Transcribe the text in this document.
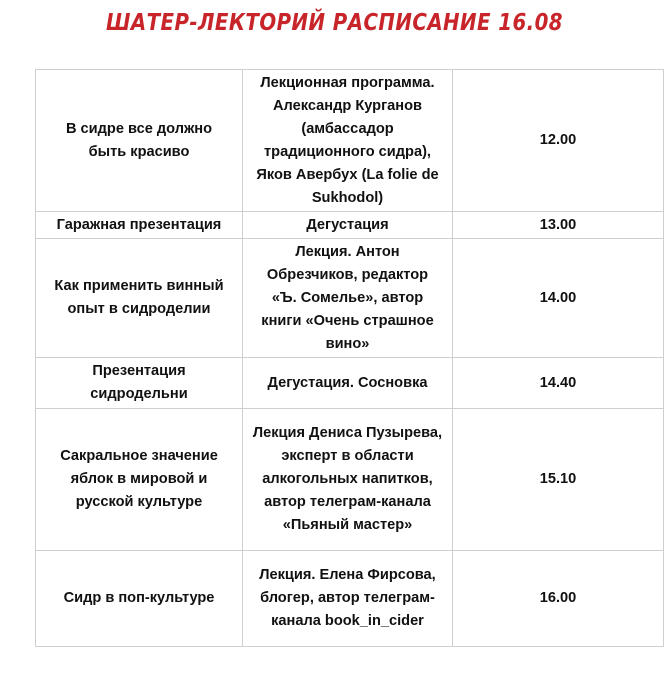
ШАТЕР-ЛЕКТОРИЙ РАСПИСАНИЕ 16.08
В сидре все должно быть красиво	Лекционная программа. Александр Курганов (амбассадор традиционного сидра), Яков Авербух (La folie de Sukhodol)	12.00
Гаражная презентация	Дегустация	13.00
Как применить винный опыт в сидроделии	Лекция. Антон Обрезчиков, редактор «Ъ. Сомелье», автор книги «Очень страшное вино»	14.00
Презентация сидродельни	Дегустация. Сосновка	14.40
Сакральное значение яблок в мировой и русской культуре	Лекция Дениса Пузырева, эксперт в области алкогольных напитков, автор телеграм-канала «Пьяный мастер»	15.10
Сидр в поп-культуре	Лекция. Елена Фирсова, блогер, автор телеграм-канала book_in_cider	16.00
